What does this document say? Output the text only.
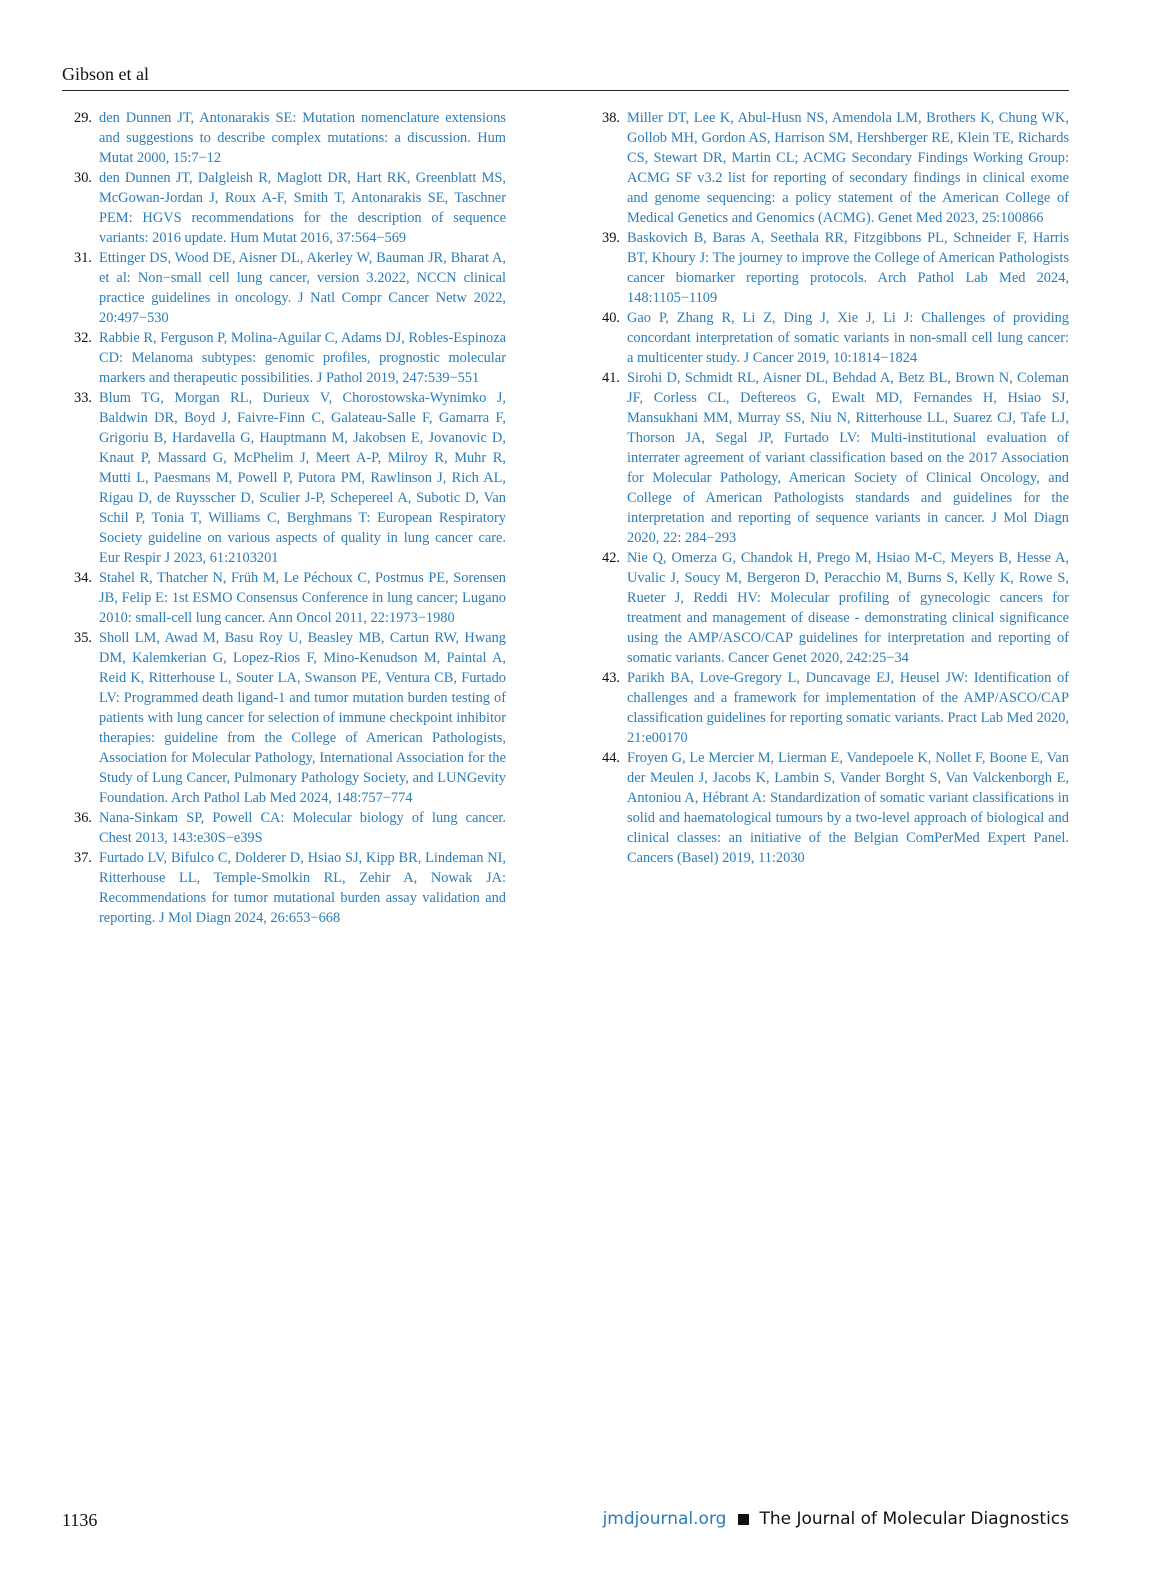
Gibson et al
29. den Dunnen JT, Antonarakis SE: Mutation nomenclature extensions and suggestions to describe complex mutations: a discussion. Hum Mutat 2000, 15:7−12
30. den Dunnen JT, Dalgleish R, Maglott DR, Hart RK, Greenblatt MS, McGowan-Jordan J, Roux A-F, Smith T, Antonarakis SE, Taschner PEM: HGVS recommendations for the description of sequence variants: 2016 update. Hum Mutat 2016, 37:564−569
31. Ettinger DS, Wood DE, Aisner DL, Akerley W, Bauman JR, Bharat A, et al: Non−small cell lung cancer, version 3.2022, NCCN clinical practice guidelines in oncology. J Natl Compr Cancer Netw 2022, 20:497−530
32. Rabbie R, Ferguson P, Molina-Aguilar C, Adams DJ, Robles-Espinoza CD: Melanoma subtypes: genomic profiles, prognostic molecular markers and therapeutic possibilities. J Pathol 2019, 247:539−551
33. Blum TG, Morgan RL, Durieux V, Chorostowska-Wynimko J, Baldwin DR, Boyd J, Faivre-Finn C, Galateau-Salle F, Gamarra F, Grigoriu B, Hardavella G, Hauptmann M, Jakobsen E, Jovanovic D, Knaut P, Massard G, McPhelim J, Meert A-P, Milroy R, Muhr R, Mutti L, Paesmans M, Powell P, Putora PM, Rawlinson J, Rich AL, Rigau D, de Ruysscher D, Sculier J-P, Schepereel A, Subotic D, Van Schil P, Tonia T, Williams C, Berghmans T: European Respiratory Society guideline on various aspects of quality in lung cancer care. Eur Respir J 2023, 61:2103201
34. Stahel R, Thatcher N, Früh M, Le Péchoux C, Postmus PE, Sorensen JB, Felip E: 1st ESMO Consensus Conference in lung cancer; Lugano 2010: small-cell lung cancer. Ann Oncol 2011, 22:1973−1980
35. Sholl LM, Awad M, Basu Roy U, Beasley MB, Cartun RW, Hwang DM, Kalemkerian G, Lopez-Rios F, Mino-Kenudson M, Paintal A, Reid K, Ritterhouse L, Souter LA, Swanson PE, Ventura CB, Furtado LV: Programmed death ligand-1 and tumor mutation burden testing of patients with lung cancer for selection of immune checkpoint inhibitor therapies: guideline from the College of American Pathologists, Association for Molecular Pathology, International Association for the Study of Lung Cancer, Pulmonary Pathology Society, and LUNGevity Foundation. Arch Pathol Lab Med 2024, 148:757−774
36. Nana-Sinkam SP, Powell CA: Molecular biology of lung cancer. Chest 2013, 143:e30S−e39S
37. Furtado LV, Bifulco C, Dolderer D, Hsiao SJ, Kipp BR, Lindeman NI, Ritterhouse LL, Temple-Smolkin RL, Zehir A, Nowak JA: Recommendations for tumor mutational burden assay validation and reporting. J Mol Diagn 2024, 26:653−668
38. Miller DT, Lee K, Abul-Husn NS, Amendola LM, Brothers K, Chung WK, Gollob MH, Gordon AS, Harrison SM, Hershberger RE, Klein TE, Richards CS, Stewart DR, Martin CL; ACMG Secondary Findings Working Group: ACMG SF v3.2 list for reporting of secondary findings in clinical exome and genome sequencing: a policy statement of the American College of Medical Genetics and Genomics (ACMG). Genet Med 2023, 25:100866
39. Baskovich B, Baras A, Seethala RR, Fitzgibbons PL, Schneider F, Harris BT, Khoury J: The journey to improve the College of American Pathologists cancer biomarker reporting protocols. Arch Pathol Lab Med 2024, 148:1105−1109
40. Gao P, Zhang R, Li Z, Ding J, Xie J, Li J: Challenges of providing concordant interpretation of somatic variants in non-small cell lung cancer: a multicenter study. J Cancer 2019, 10:1814−1824
41. Sirohi D, Schmidt RL, Aisner DL, Behdad A, Betz BL, Brown N, Coleman JF, Corless CL, Deftereos G, Ewalt MD, Fernandes H, Hsiao SJ, Mansukhani MM, Murray SS, Niu N, Ritterhouse LL, Suarez CJ, Tafe LJ, Thorson JA, Segal JP, Furtado LV: Multi-institutional evaluation of interrater agreement of variant classification based on the 2017 Association for Molecular Pathology, American Society of Clinical Oncology, and College of American Pathologists standards and guidelines for the interpretation and reporting of sequence variants in cancer. J Mol Diagn 2020, 22: 284−293
42. Nie Q, Omerza G, Chandok H, Prego M, Hsiao M-C, Meyers B, Hesse A, Uvalic J, Soucy M, Bergeron D, Peracchio M, Burns S, Kelly K, Rowe S, Rueter J, Reddi HV: Molecular profiling of gynecologic cancers for treatment and management of disease - demonstrating clinical significance using the AMP/ASCO/CAP guidelines for interpretation and reporting of somatic variants. Cancer Genet 2020, 242:25−34
43. Parikh BA, Love-Gregory L, Duncavage EJ, Heusel JW: Identification of challenges and a framework for implementation of the AMP/ASCO/CAP classification guidelines for reporting somatic variants. Pract Lab Med 2020, 21:e00170
44. Froyen G, Le Mercier M, Lierman E, Vandepoele K, Nollet F, Boone E, Van der Meulen J, Jacobs K, Lambin S, Vander Borght S, Van Valckenborgh E, Antoniou A, Hébrant A: Standardization of somatic variant classifications in solid and haematological tumours by a two-level approach of biological and clinical classes: an initiative of the Belgian ComPerMed Expert Panel. Cancers (Basel) 2019, 11:2030
1136	jmdjournal.org The Journal of Molecular Diagnostics
